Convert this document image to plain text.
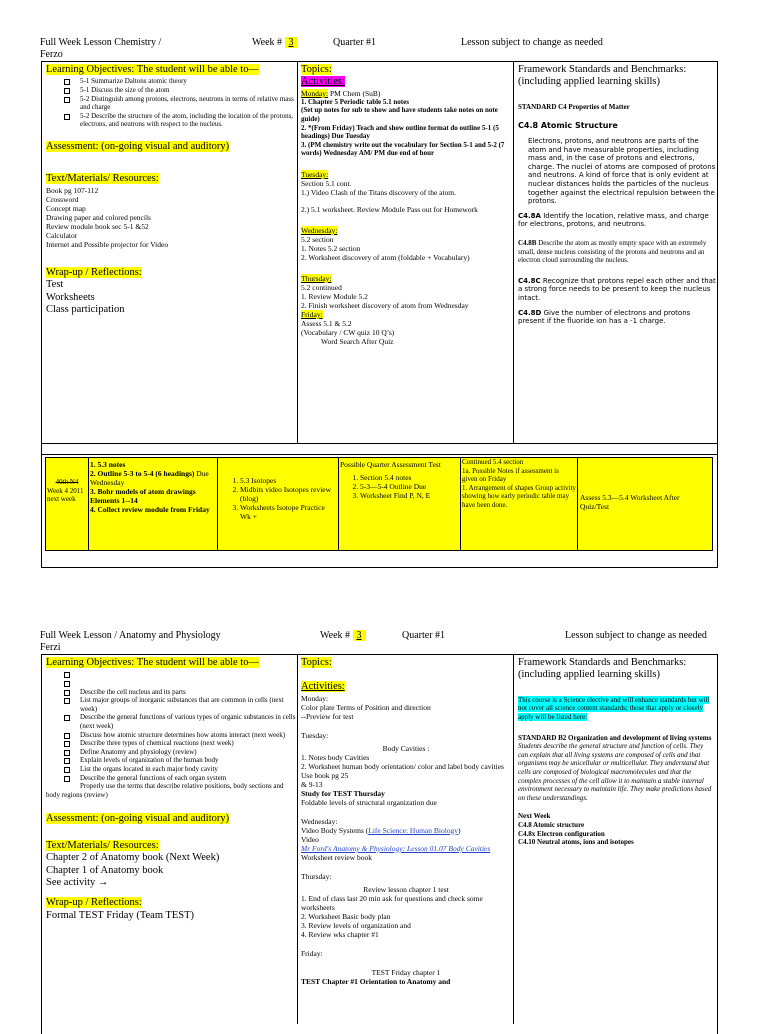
Full Week Lesson Chemistry /
Ferzo
Week # 3	Quarter #1	Lesson subject to change as needed
Learning Objectives: The student will be able to—
5-1 Summarize Daltons atomic theory
5-1 Discuss the size of the atom
5-2 Distinguish among protons, electrons, neutrons in terms of relative mass and charge
5-2 Describe the structure of the atom, including the location of the protons, electrons, and neutrons with respect to the nucleus.
Assessment: (on-going visual and auditory)
Text/Materials/ Resources:
Book pg 107-112
Crossword
Concept map
Drawing paper and colored pencils
Review module book sec 5-1 &52
Calculator
Internet and Possible projector for Video
Wrap-up / Reflections:
Test
Worksheets
Class participation
Topics:
Activities:
Monday: PM Chem (SuB)
1. Chapter 5 Periodic table 5.1 notes
(Set up notes for sub to show and have students take notes on note guide)
2. *(From Friday) Teach and show outline format do outline 5-1 (5 headings) Due Tuesday
3. (PM chemistry write out the vocabulary for Section 5-1 and 5-2 (7 words) Wednesday AM/ PM due end of hour
Tuesday:
Section 5.1 cont.
1.) Video Clash of the Titans discovery of the atom.
2.) 5.1 worksheet. Review Module Pass out for Homework
Wednesday:
5.2 section
1. Notes 5.2 section
2. Worksheet discovery of atom (foldable + Vocabulary)
Thursday:
5.2 continued
1. Review Module 5.2
2. Finish worksheet discovery of atom from Wednesday
Friday:
Assess 5.1 & 5.2
(Vocabulary / CW quiz 10 Q’s)
Word Search After Quiz
Framework Standards and Benchmarks: (including applied learning skills)
STANDARD C4 Properties of Matter
C4.8 Atomic Structure
Electrons, protons, and neutrons are parts of the atom and have measurable properties, including mass and, in the case of protons and electrons, charge. The nuclei of atoms are composed of protons and neutrons. A kind of force that is only evident at nuclear distances holds the particles of the nucleus together against the electrical repulsion between the protons.
C4.8A Identify the location, relative mass, and charge for electrons, protons, and neutrons.
C4.8B Describe the atom as mostly empty space with an extremely small, dense nucleus consisting of the protons and neutrons and an electron cloud surrounding the nucleus.
C4.8C Recognize that protons repel each other and that a strong force needs to be present to keep the nucleus intact.
C4.8D Give the number of electrons and protons present if the fluoride ion has a -1 charge.
40th N4
Week 4 2011 next week
1. 5.3 notes
2. Outline 5-3 to 5-4 (6 headings) Due Wednesday
3. Bohr models of atom drawings Elements 1--14
4. Collect review module from Friday
1. 5.3 Isotopes
2. Midbits video Isotopes review (blog)
3. Worksheets Isotope Practice Wk +
Possible Quarter Assessment Test
1. Section 5.4 notes
2. 5-3—5-4 Outline Due
3. Worksheet Find P, N, E
Continued 5.4 section
1a. Possible Notes if assessment is given on Friday
1. Arrangement of shapes Group activity showing how early periodic table may have been done.
Assess 5.3—5.4 Worksheet After Quiz/Test
Full Week Lesson / Anatomy and Physiology
Ferzi
Week # 3	Quarter #1	Lesson subject to change as needed
Learning Objectives: The student will be able to—

Describe the cell nucleus and its parts
List major groups of inorganic substances that are common in cells (next week)
Describe the general functions of various types of organic substances in cells (next week)
Discuss how atomic structure determines how atoms interact (next week)
Describe three types of chemical reactions (next week)
Define Anatomy and physiology (review)
Explain levels of organization of the human body
List the organs located in each major body cavity
Describe the general functions of each organ system
Properly use the terms that describe relative positions, body sections and body regions (review)
Assessment: (on-going visual and auditory)
Text/Materials/ Resources:
Chapter 2 of Anatomy book (Next Week)
Chapter 1 of Anatomy book
See activity →
Wrap-up / Reflections:
Formal TEST Friday (Team TEST)
Topics:
Activities:
Monday:
Color plate Terms of Position and direction
--Preview for test
Tuesday:
Body Cavities :
1. Notes body Cavities
2. Worksheet human body orientation/ color and label body cavities
Use book pg 25
& 9-13
Study for TEST Thursday
Foldable levels of structural organization due
Wednesday:
Video Body Systems (Life Science: Human Biology)
Video
Mr Ford's Anatomy & Physiology: Lesson 01.07 Body Cavities
Worksheet review book
Thursday:
Review lesson chapter 1 test
1. End of class last 20 min ask for questions and check some worksheets
2. Worksheet Basic body plan
3. Review levels of organization and
4. Review wks chapter #1
Friday:
TEST Friday chapter 1
TEST Chapter #1 Orientation to Anatomy and
Framework Standards and Benchmarks: (including applied learning skills)
This course is a Science elective and will enhance standards but will not cover all science content standards; those that apply or closely apply will be listed here:
STANDARD B2 Organization and development of living systems
Students describe the general structure and function of cells. They can explain that all living systems are composed of cells and that organisms may be unicellular or multicellular. They understand that cells are composed of biological macromolecules and that the complex processes of the cell allow it to maintain a stable internal environment necessary to maintain life. They make predictions based on these understandings.
Next Week
C4.8 Atomic structure
C4.8x Electron configuration
C4.10 Neutral atoms, ions and isotopes
